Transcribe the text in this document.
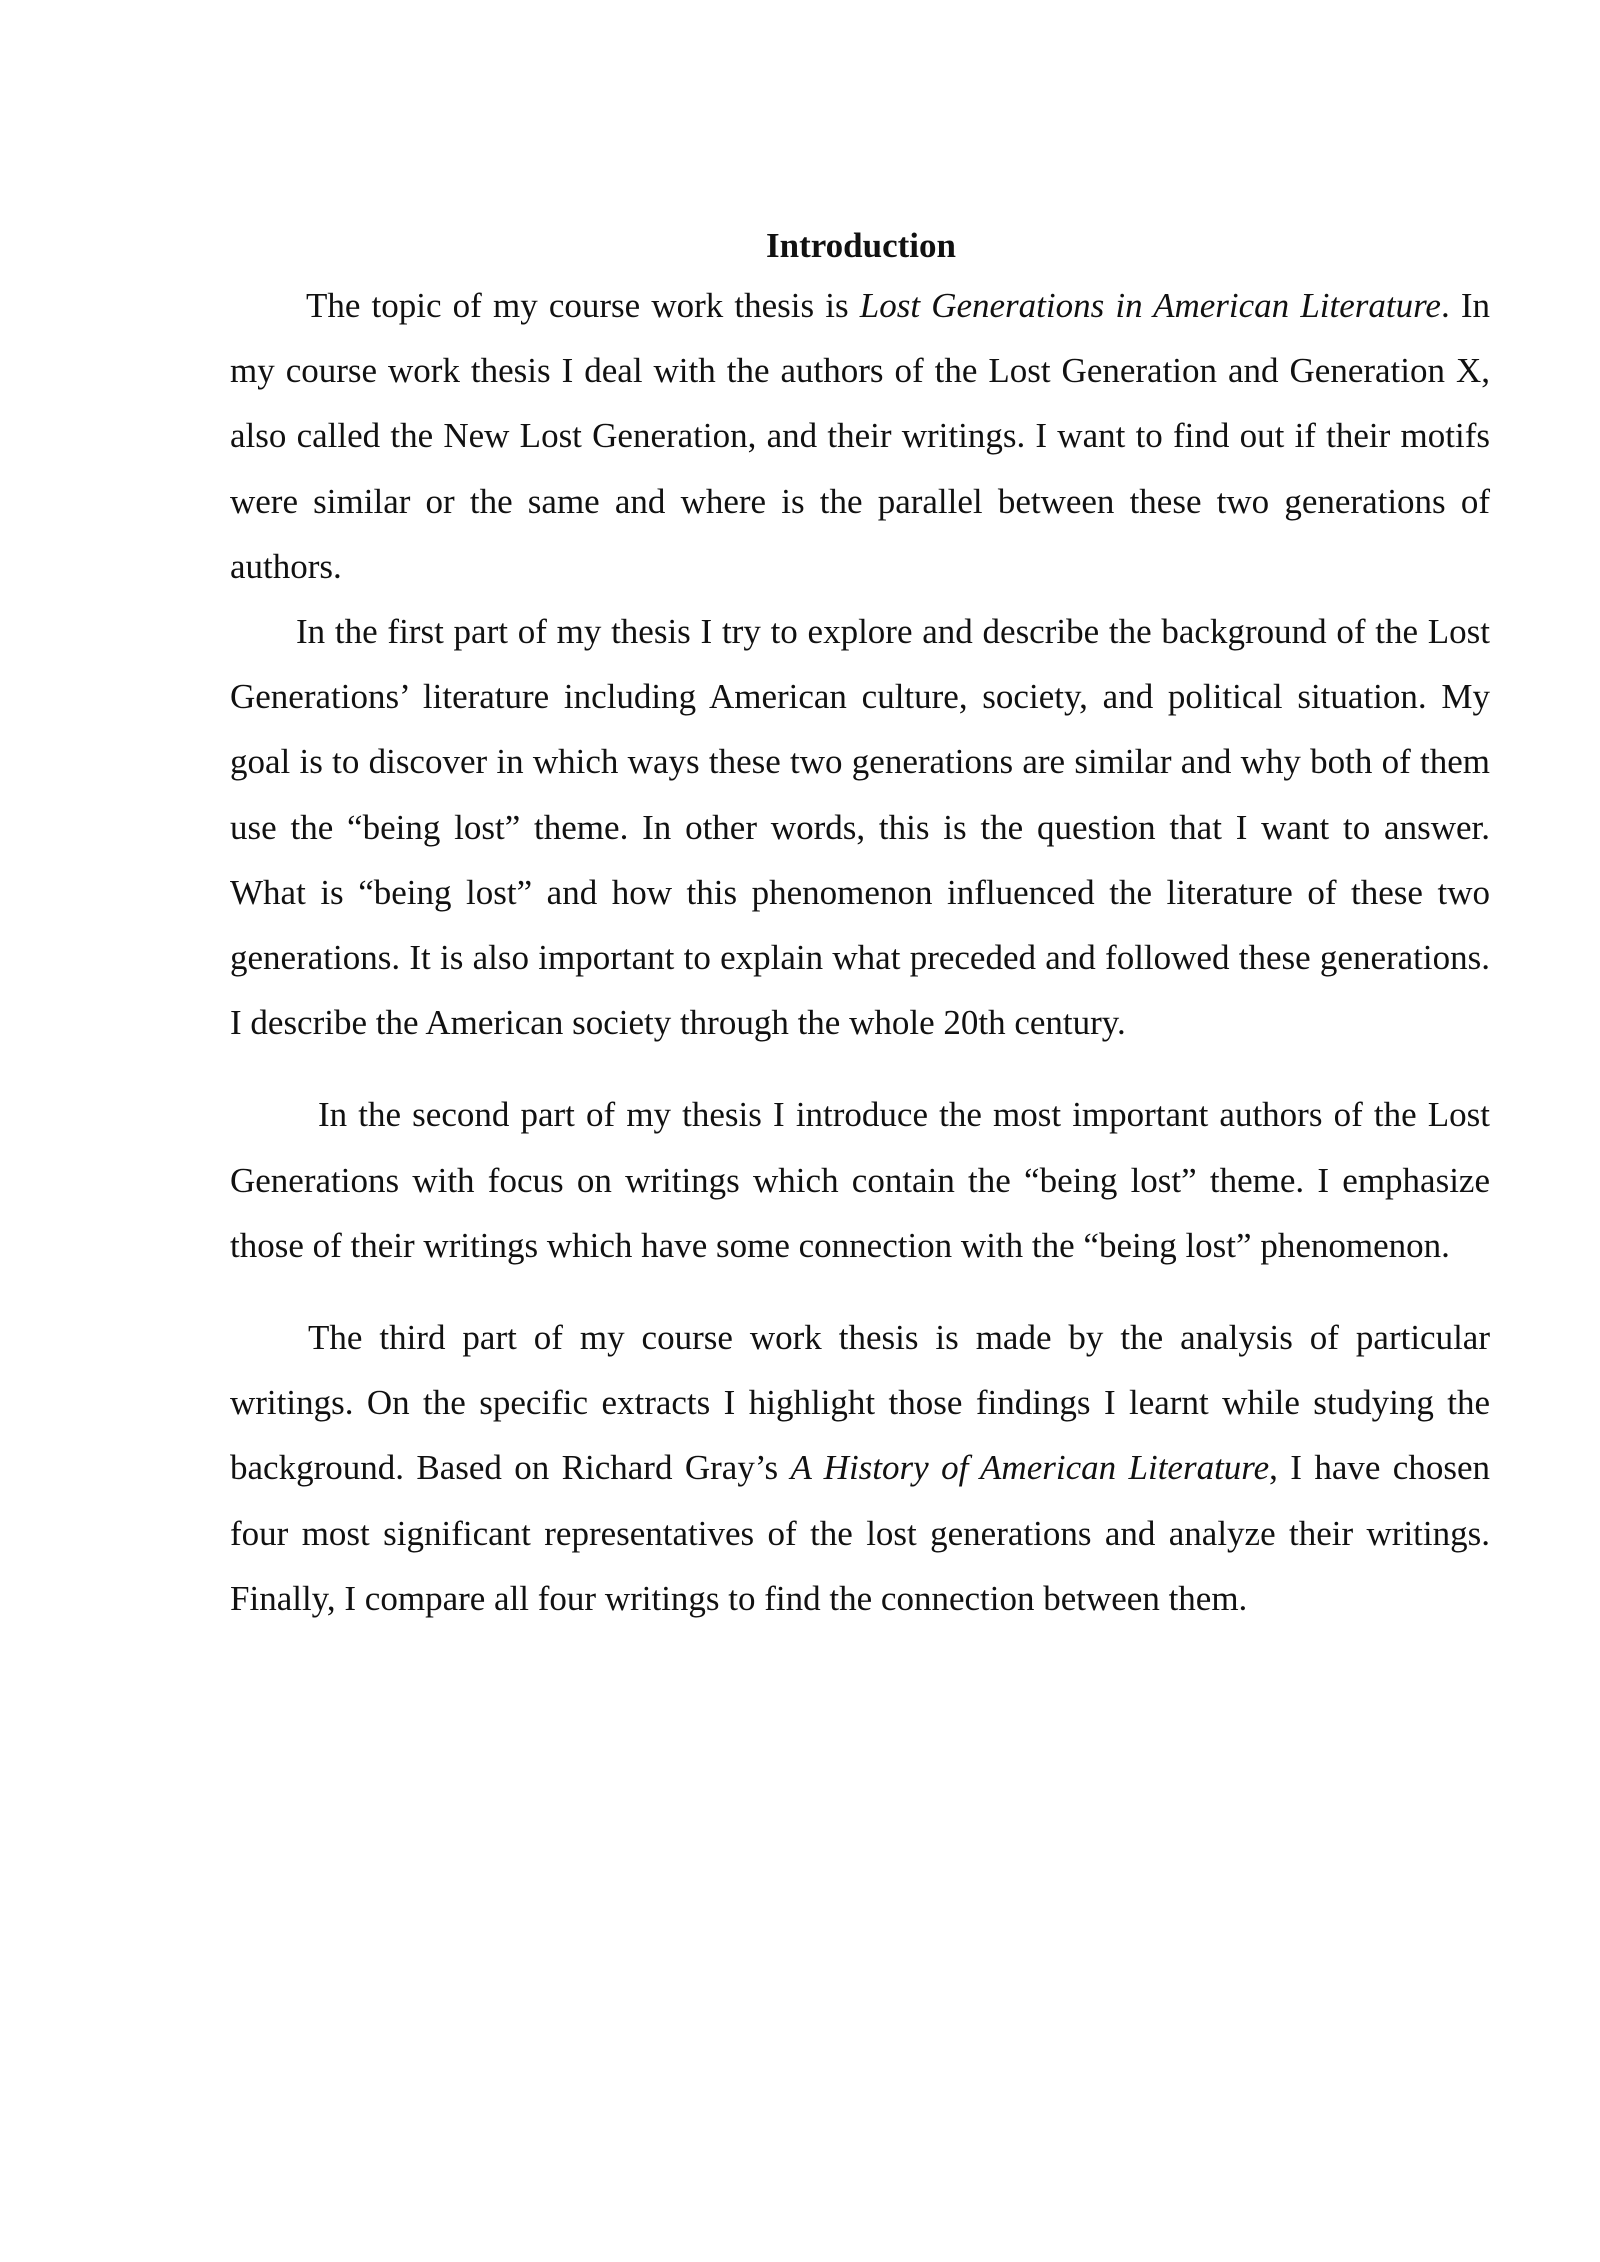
Introduction

The topic of my course work thesis is Lost Generations in American Literature. In my course work thesis I deal with the authors of the Lost Generation and Generation X, also called the New Lost Generation, and their writings. I want to find out if their motifs were similar or the same and where is the parallel between these two generations of authors.

In the first part of my thesis I try to explore and describe the background of the Lost Generations’ literature including American culture, society, and political situation. My goal is to discover in which ways these two generations are similar and why both of them use the “being lost” theme. In other words, this is the question that I want to answer. What is “being lost” and how this phenomenon influenced the literature of these two generations. It is also important to explain what preceded and followed these generations. I describe the American society through the whole 20th century.

In the second part of my thesis I introduce the most important authors of the Lost Generations with focus on writings which contain the “being lost” theme. I emphasize those of their writings which have some connection with the “being lost” phenomenon.

The third part of my course work thesis is made by the analysis of particular writings. On the specific extracts I highlight those findings I learnt while studying the background. Based on Richard Gray’s A History of American Literature, I have chosen four most significant representatives of the lost generations and analyze their writings. Finally, I compare all four writings to find the connection between them.
